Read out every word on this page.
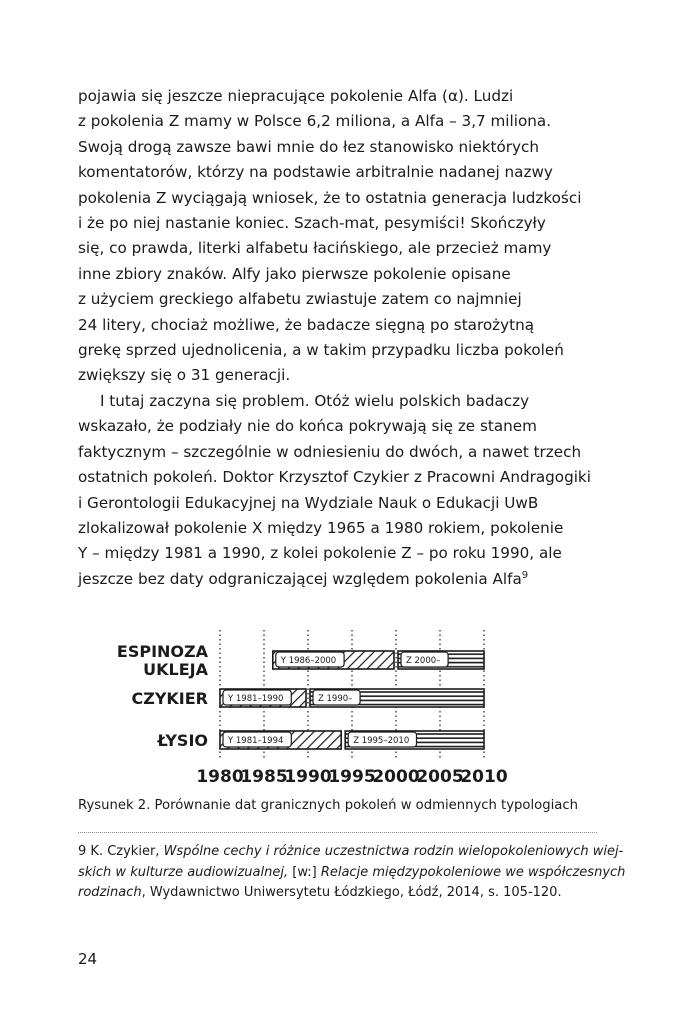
pojawia się jeszcze niepracujące pokolenie Alfa (α). Ludzi

z pokolenia Z mamy w Polsce 6,2 miliona, a Alfa – 3,7 miliona.

Swoją drogą zawsze bawi mnie do łez stanowisko niektórych

komentatorów, którzy na podstawie arbitralnie nadanej nazwy

pokolenia Z wyciągają wniosek, że to ostatnia generacja ludzkości

i że po niej nastanie koniec. Szach-mat, pesymiści! Skończyły

się, co prawda, literki alfabetu łacińskiego, ale przecież mamy

inne zbiory znaków. Alfy jako pierwsze pokolenie opisane

z użyciem greckiego alfabetu zwiastuje zatem co najmniej

24 litery, chociaż możliwe, że badacze sięgną po starożytną

grekę sprzed ujednolicenia, a w takim przypadku liczba pokoleń

zwiększy się o 31 generacji.

I tutaj zaczyna się problem. Otóż wielu polskich badaczy

wskazało, że podziały nie do końca pokrywają się ze stanem

faktycznym – szczególnie w odniesieniu do dwóch, a nawet trzech

ostatnich pokoleń. Doktor Krzysztof Czykier z Pracowni Andragogiki

i Gerontologii Edukacyjnej na Wydziale Nauk o Edukacji UwB

zlokalizował pokolenie X między 1965 a 1980 rokiem, pokolenie

Y – między 1981 a 1990, z kolei pokolenie Z – po roku 1990, ale

jeszcze bez daty odgraniczającej względem pokolenia Alfa$^9$

ESPINOZA
UKLEJA	Y 1986–2000	Z 2000–
CZYKIER Y 1981–1990	Z 1990–
ŁYSIO Y 1981–1994	Z 1995–2010
1980
1985
1990
1995
2000
2005
2010
Rysunek 2. Porównanie dat granicznych pokoleń w odmiennych typologiach

9 K. Czykier, Wspólne cechy i różnice uczestnictwa rodzin wielopokoleniowych wiej-

skich w kulturze audiowizualnej, [w:] Relacje międzypokoleniowe we współczesnych

rodzinach, Wydawnictwo Uniwersytetu Łódzkiego, Łódź, 2014, s. 105-120.

24
